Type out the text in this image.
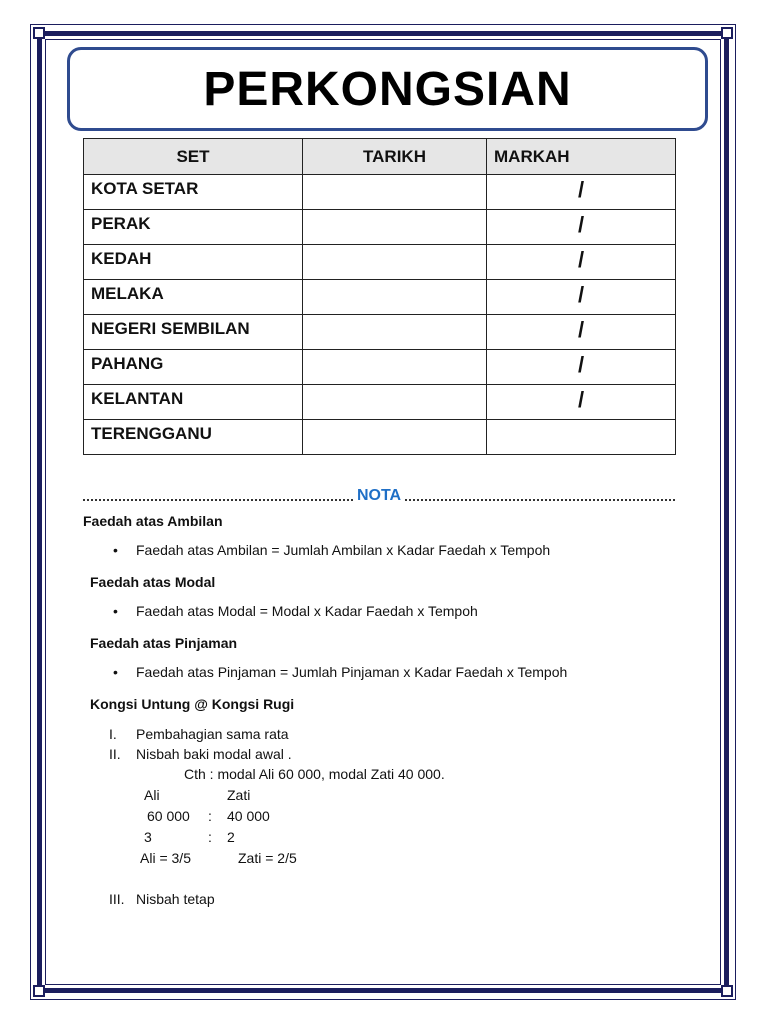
PERKONGSIAN
SET	TARIKH	MARKAH
KOTA SETAR		/
PERAK		/
KEDAH		/
MELAKA		/
NEGERI SEMBILAN		/
PAHANG		/
KELANTAN		/
TERENGGANU		
NOTA

Faedah atas Ambilan

• Faedah atas Ambilan = Jumlah Ambilan x Kadar Faedah x Tempoh

Faedah atas Modal

• Faedah atas Modal = Modal x Kadar Faedah x Tempoh

Faedah atas Pinjaman

• Faedah atas Pinjaman = Jumlah Pinjaman x Kadar Faedah x Tempoh
Kongsi Untung @ Kongsi Rugi
I. Pembahagian sama rata
II. Nisbah baki modal awal .
Cth : modal Ali 60 000, modal Zati 40 000.
Ali	Zati
60 000 : 40 000
3	: 2
Ali = 3/5	Zati = 2/5
III. Nisbah tetap
